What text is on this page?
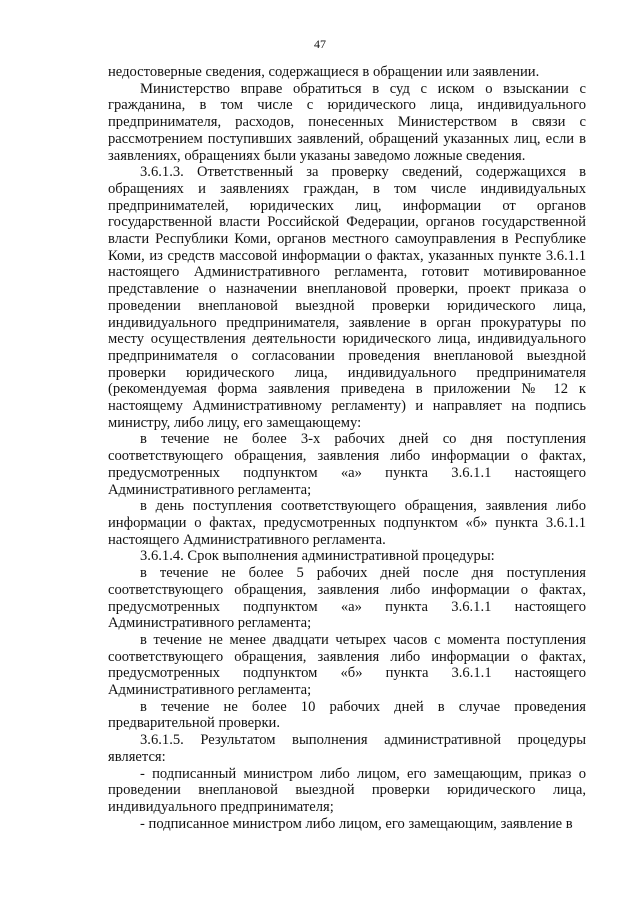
47

недостоверные сведения, содержащиеся в обращении или заявлении.

Министерство вправе обратиться в суд с иском о взыскании с гражданина, в том числе с юридического лица, индивидуального предпринимателя, расходов, понесенных Министерством в связи с рассмотрением поступивших заявлений, обращений указанных лиц, если в заявлениях, обращениях были указаны заведомо ложные сведения.

3.6.1.3. Ответственный за проверку сведений, содержащихся в обращениях и заявлениях граждан, в том числе индивидуальных предпринимателей, юридических лиц, информации от органов государственной власти Российской Федерации, органов государственной власти Республики Коми, органов местного самоуправления в Республике Коми, из средств массовой информации о фактах, указанных пункте 3.6.1.1 настоящего Административного регламента, готовит мотивированное представление о назначении внеплановой проверки, проект приказа о проведении внеплановой выездной проверки юридического лица, индивидуального предпринимателя, заявление в орган прокуратуры по месту осуществления деятельности юридического лица, индивидуального предпринимателя о согласовании проведения внеплановой выездной проверки юридического лица, индивидуального предпринимателя (рекомендуемая форма заявления приведена в приложении № 12 к настоящему Административному регламенту) и направляет на подпись министру, либо лицу, его замещающему:

в течение не более 3-х рабочих дней со дня поступления соответствующего обращения, заявления либо информации о фактах, предусмотренных подпунктом «а» пункта 3.6.1.1 настоящего Административного регламента;

в день поступления соответствующего обращения, заявления либо информации о фактах, предусмотренных подпунктом «б» пункта 3.6.1.1 настоящего Административного регламента.

3.6.1.4. Срок выполнения административной процедуры:

в течение не более 5 рабочих дней после дня поступления соответствующего обращения, заявления либо информации о фактах, предусмотренных подпунктом «а» пункта 3.6.1.1 настоящего Административного регламента;

в течение не менее двадцати четырех часов с момента поступления соответствующего обращения, заявления либо информации о фактах, предусмотренных подпунктом «б» пункта 3.6.1.1 настоящего Административного регламента;

в течение не более 10 рабочих дней в случае проведения предварительной проверки.

3.6.1.5. Результатом выполнения административной процедуры является:

- подписанный министром либо лицом, его замещающим, приказ о проведении внеплановой выездной проверки юридического лица, индивидуального предпринимателя;

- подписанное министром либо лицом, его замещающим, заявление в
